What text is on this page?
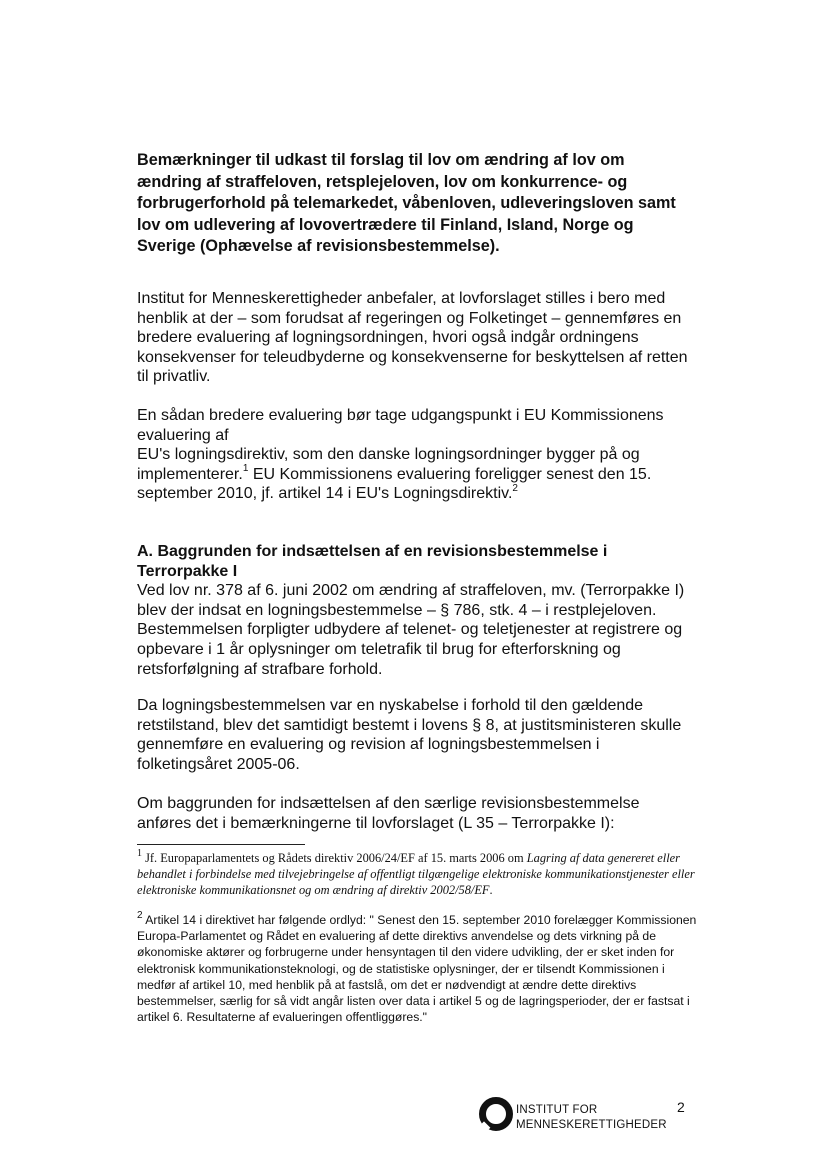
Bemærkninger til udkast til forslag til lov om ændring af lov om ændring af straffeloven, retsplejeloven, lov om konkurrence- og forbrugerforhold på telemarkedet, våbenloven, udleveringsloven samt lov om udlevering af lovovertrædere til Finland, Island, Norge og Sverige (Ophævelse af revisionsbestemmelse).
Institut for Menneskerettigheder anbefaler, at lovforslaget stilles i bero med henblik at der – som forudsat af regeringen og Folketinget – gennemføres en bredere evaluering af logningsordningen, hvori også indgår ordningens konsekvenser for teleudbyderne og konsekvenserne for beskyttelsen af retten til privatliv.
En sådan bredere evaluering bør tage udgangspunkt i EU Kommissionens evaluering af
EU's logningsdirektiv, som den danske logningsordninger bygger på og implementerer.$^1$ EU Kommissionens evaluering foreligger senest den 15. september 2010, jf. artikel 14 i EU's Logningsdirektiv.$^2$
A. Baggrunden for indsættelsen af en revisionsbestemmelse i Terrorpakke I
Ved lov nr. 378 af 6. juni 2002 om ændring af straffeloven, mv. (Terrorpakke I) blev der indsat en logningsbestemmelse – § 786, stk. 4 – i restplejeloven. Bestemmelsen forpligter udbydere af telenet- og teletjenester at registrere og opbevare i 1 år oplysninger om teletrafik til brug for efterforskning og retsforfølgning af strafbare forhold.
Da logningsbestemmelsen var en nyskabelse i forhold til den gældende retstilstand, blev det samtidigt bestemt i lovens § 8, at justitsministeren skulle gennemføre en evaluering og revision af logningsbestemmelsen i folketingsåret 2005-06.
Om baggrunden for indsættelsen af den særlige revisionsbestemmelse anføres det i bemærkningerne til lovforslaget (L 35 – Terrorpakke I):
$^1$ Jf. Europaparlamentets og Rådets direktiv 2006/24/EF af 15. marts 2006 om Lagring af data genereret eller behandlet i forbindelse med tilvejebringelse af offentligt tilgængelige elektroniske kommunikationstjenester eller elektroniske kommunikationsnet og om ændring af direktiv 2002/58/EF.
$^2$ Artikel 14 i direktivet har følgende ordlyd: " Senest den 15. september 2010 forelægger Kommissionen Europa-Parlamentet og Rådet en evaluering af dette direktivs anvendelse og dets virkning på de økonomiske aktører og forbrugerne under hensyntagen til den videre udvikling, der er sket inden for elektronisk kommunikationsteknologi, og de statistiske oplysninger, der er tilsendt Kommissionen i medfør af artikel 10, med henblik på at fastslå, om det er nødvendigt at ændre dette direktivs bestemmelser, særlig for så vidt angår listen over data i artikel 5 og de lagringsperioder, der er fastsat i artikel 6. Resultaterne af evalueringen offentliggøres."
INSTITUT FOR
MENNESKERETTIGHEDER
2
